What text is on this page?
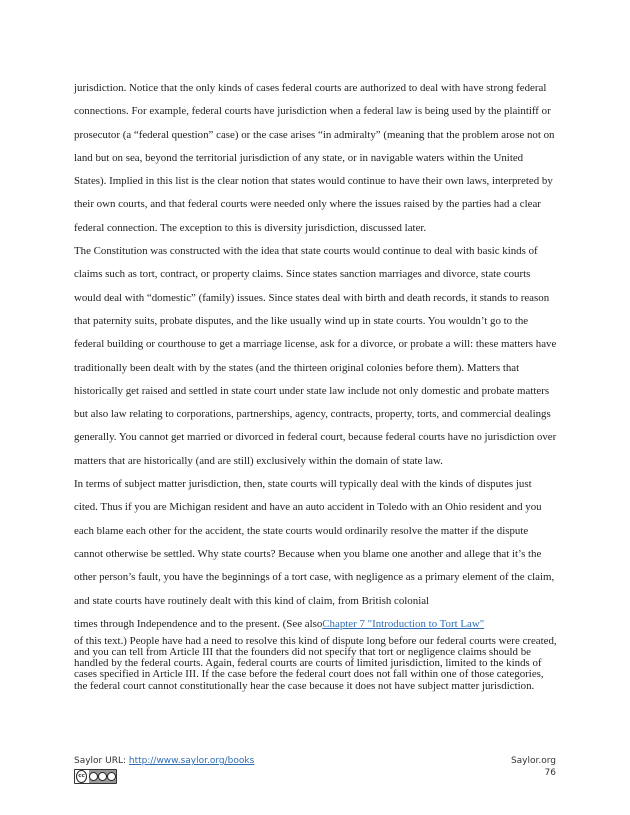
jurisdiction. Notice that the only kinds of cases federal courts are authorized to deal with have strong federal connections. For example, federal courts have jurisdiction when a federal law is being used by the plaintiff or prosecutor (a “federal question” case) or the case arises “in admiralty” (meaning that the problem arose not on land but on sea, beyond the territorial jurisdiction of any state, or in navigable waters within the United States). Implied in this list is the clear notion that states would continue to have their own laws, interpreted by their own courts, and that federal courts were needed only where the issues raised by the parties had a clear federal connection. The exception to this is diversity jurisdiction, discussed later.

The Constitution was constructed with the idea that state courts would continue to deal with basic kinds of claims such as tort, contract, or property claims. Since states sanction marriages and divorce, state courts would deal with “domestic” (family) issues. Since states deal with birth and death records, it stands to reason that paternity suits, probate disputes, and the like usually wind up in state courts. You wouldn’t go to the federal building or courthouse to get a marriage license, ask for a divorce, or probate a will: these matters have traditionally been dealt with by the states (and the thirteen original colonies before them). Matters that historically get raised and settled in state court under state law include not only domestic and probate matters but also law relating to corporations, partnerships, agency, contracts, property, torts, and commercial dealings generally. You cannot get married or divorced in federal court, because federal courts have no jurisdiction over matters that are historically (and are still) exclusively within the domain of state law.

In terms of subject matter jurisdiction, then, state courts will typically deal with the kinds of disputes just cited. Thus if you are Michigan resident and have an auto accident in Toledo with an Ohio resident and you each blame each other for the accident, the state courts would ordinarily resolve the matter if the dispute cannot otherwise be settled. Why state courts? Because when you blame one another and allege that it’s the other person’s fault, you have the beginnings of a tort case, with negligence as a primary element of the claim, and state courts have routinely dealt with this kind of claim, from British colonial

times through Independence and to the present. (See alsoChapter 7 "Introduction to Tort Law"
of this text.) People have had a need to resolve this kind of dispute long before our federal courts were created, and you can tell from Article III that the founders did not specify that tort or negligence claims should be handled by the federal courts. Again, federal courts are courts of limited jurisdiction, limited to the kinds of cases specified in Article III. If the case before the federal court does not fall within one of those categories, the federal court cannot constitutionally hear the case because it does not have subject matter jurisdiction.

Saylor URL: http://www.saylor.org/books
cc
Saylor.org
76
